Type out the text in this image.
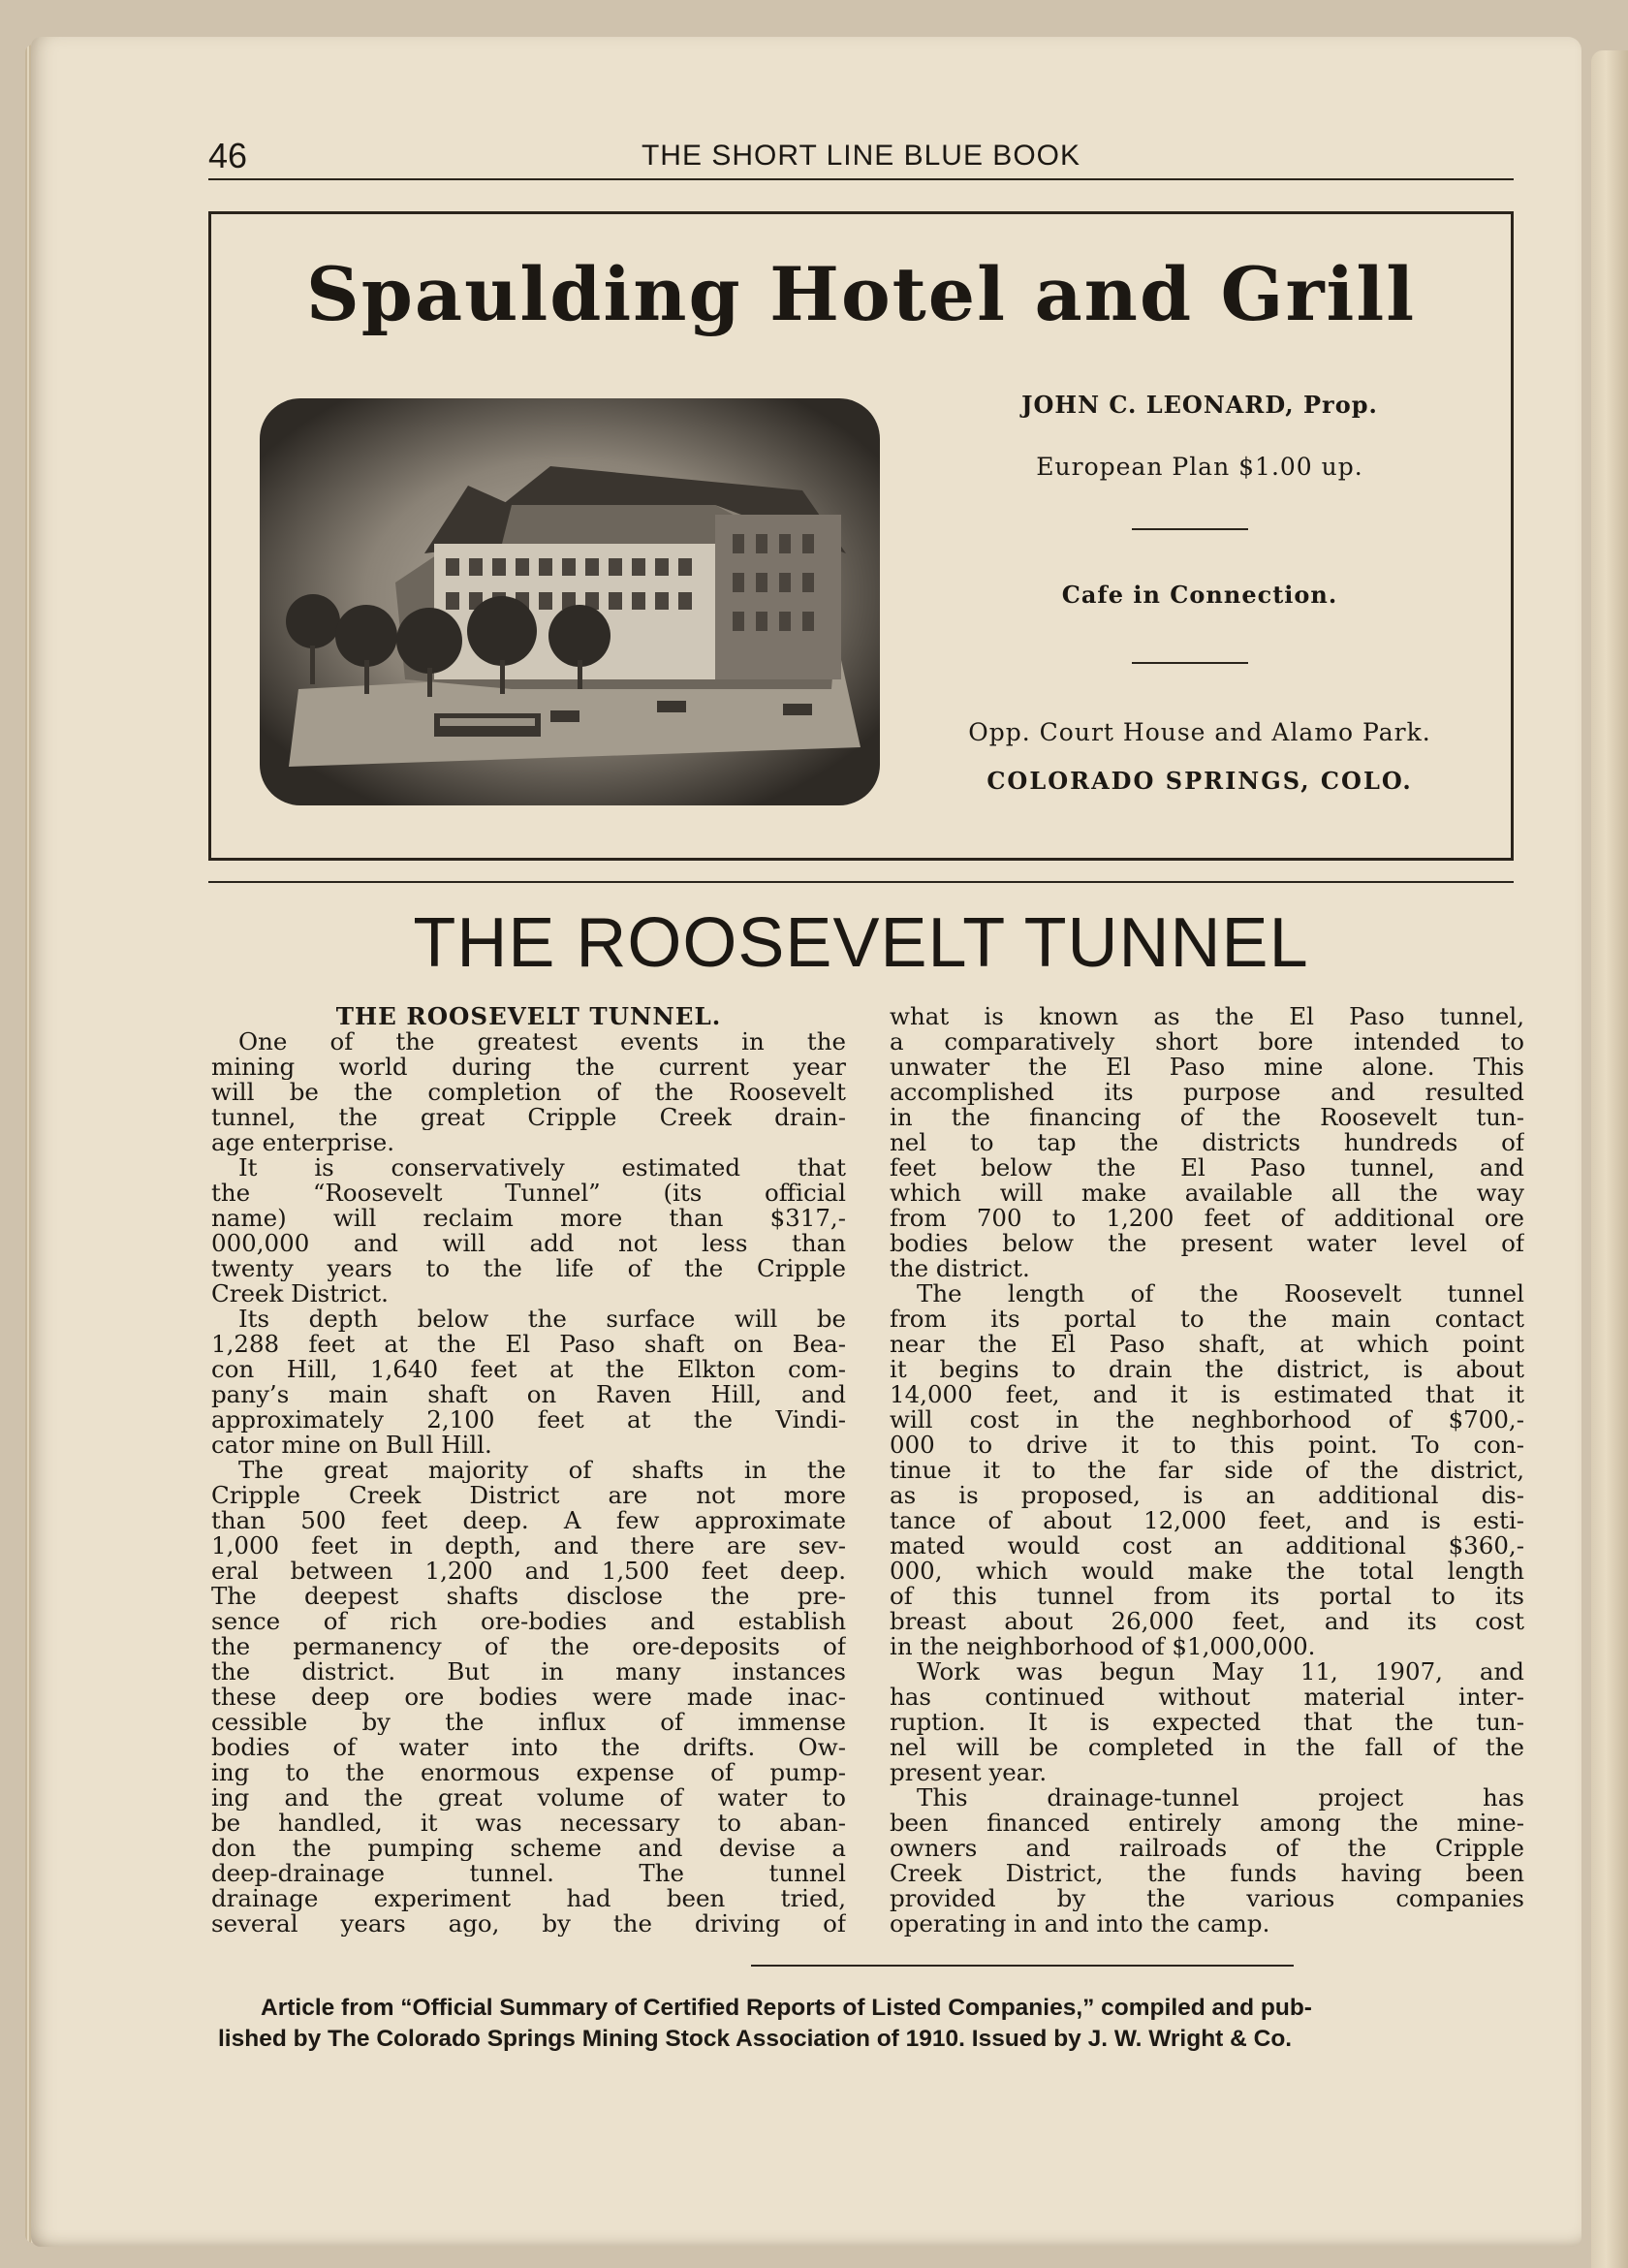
46	THE SHORT LINE BLUE BOOK
Spaulding Hotel and Grill
JOHN C. LEONARD, Prop.
European Plan $1.00 up.
Cafe in Connection.
Opp. Court House and Alamo Park.
COLORADO SPRINGS, COLO.
THE ROOSEVELT TUNNEL
THE ROOSEVELT TUNNEL.
One of the greatest events in the
mining world during the current year
will be the completion of the Roosevelt
tunnel, the great Cripple Creek drain-
age enterprise.
It is conservatively estimated that
the “Roosevelt Tunnel” (its official
name) will reclaim more than $317,-
000,000 and will add not less than
twenty years to the life of the Cripple
Creek District.
Its depth below the surface will be
1,288 feet at the El Paso shaft on Bea-
con Hill, 1,640 feet at the Elkton com-
pany’s main shaft on Raven Hill, and
approximately 2,100 feet at the Vindi-
cator mine on Bull Hill.
The great majority of shafts in the
Cripple Creek District are not more
than 500 feet deep. A few approximate
1,000 feet in depth, and there are sev-
eral between 1,200 and 1,500 feet deep.
The deepest shafts disclose the pre-
sence of rich ore-bodies and establish
the permanency of the ore-deposits of
the district. But in many instances
these deep ore bodies were made inac-
cessible by the influx of immense
bodies of water into the drifts. Ow-
ing to the enormous expense of pump-
ing and the great volume of water to
be handled, it was necessary to aban-
don the pumping scheme and devise a
deep-drainage tunnel. The tunnel
drainage experiment had been tried,
several years ago, by the driving of
what is known as the El Paso tunnel,
a comparatively short bore intended to
unwater the El Paso mine alone. This
accomplished its purpose and resulted
in the financing of the Roosevelt tun-
nel to tap the districts hundreds of
feet below the El Paso tunnel, and
which will make available all the way
from 700 to 1,200 feet of additional ore
bodies below the present water level of
the district.
The length of the Roosevelt tunnel
from its portal to the main contact
near the El Paso shaft, at which point
it begins to drain the district, is about
14,000 feet, and it is estimated that it
will cost in the neghborhood of $700,-
000 to drive it to this point. To con-
tinue it to the far side of the district,
as is proposed, is an additional dis-
tance of about 12,000 feet, and is esti-
mated would cost an additional $360,-
000, which would make the total length
of this tunnel from its portal to its
breast about 26,000 feet, and its cost
in the neighborhood of $1,000,000.
Work was begun May 11, 1907, and
has continued without material inter-
ruption. It is expected that the tun-
nel will be completed in the fall of the
present year.
This drainage-tunnel project has
been financed entirely among the mine-
owners and railroads of the Cripple
Creek District, the funds having been
provided by the various companies
operating in and into the camp.
Article from “Official Summary of Certified Reports of Listed Companies,” compiled and pub-
lished by The Colorado Springs Mining Stock Association of 1910. Issued by J. W. Wright & Co.
